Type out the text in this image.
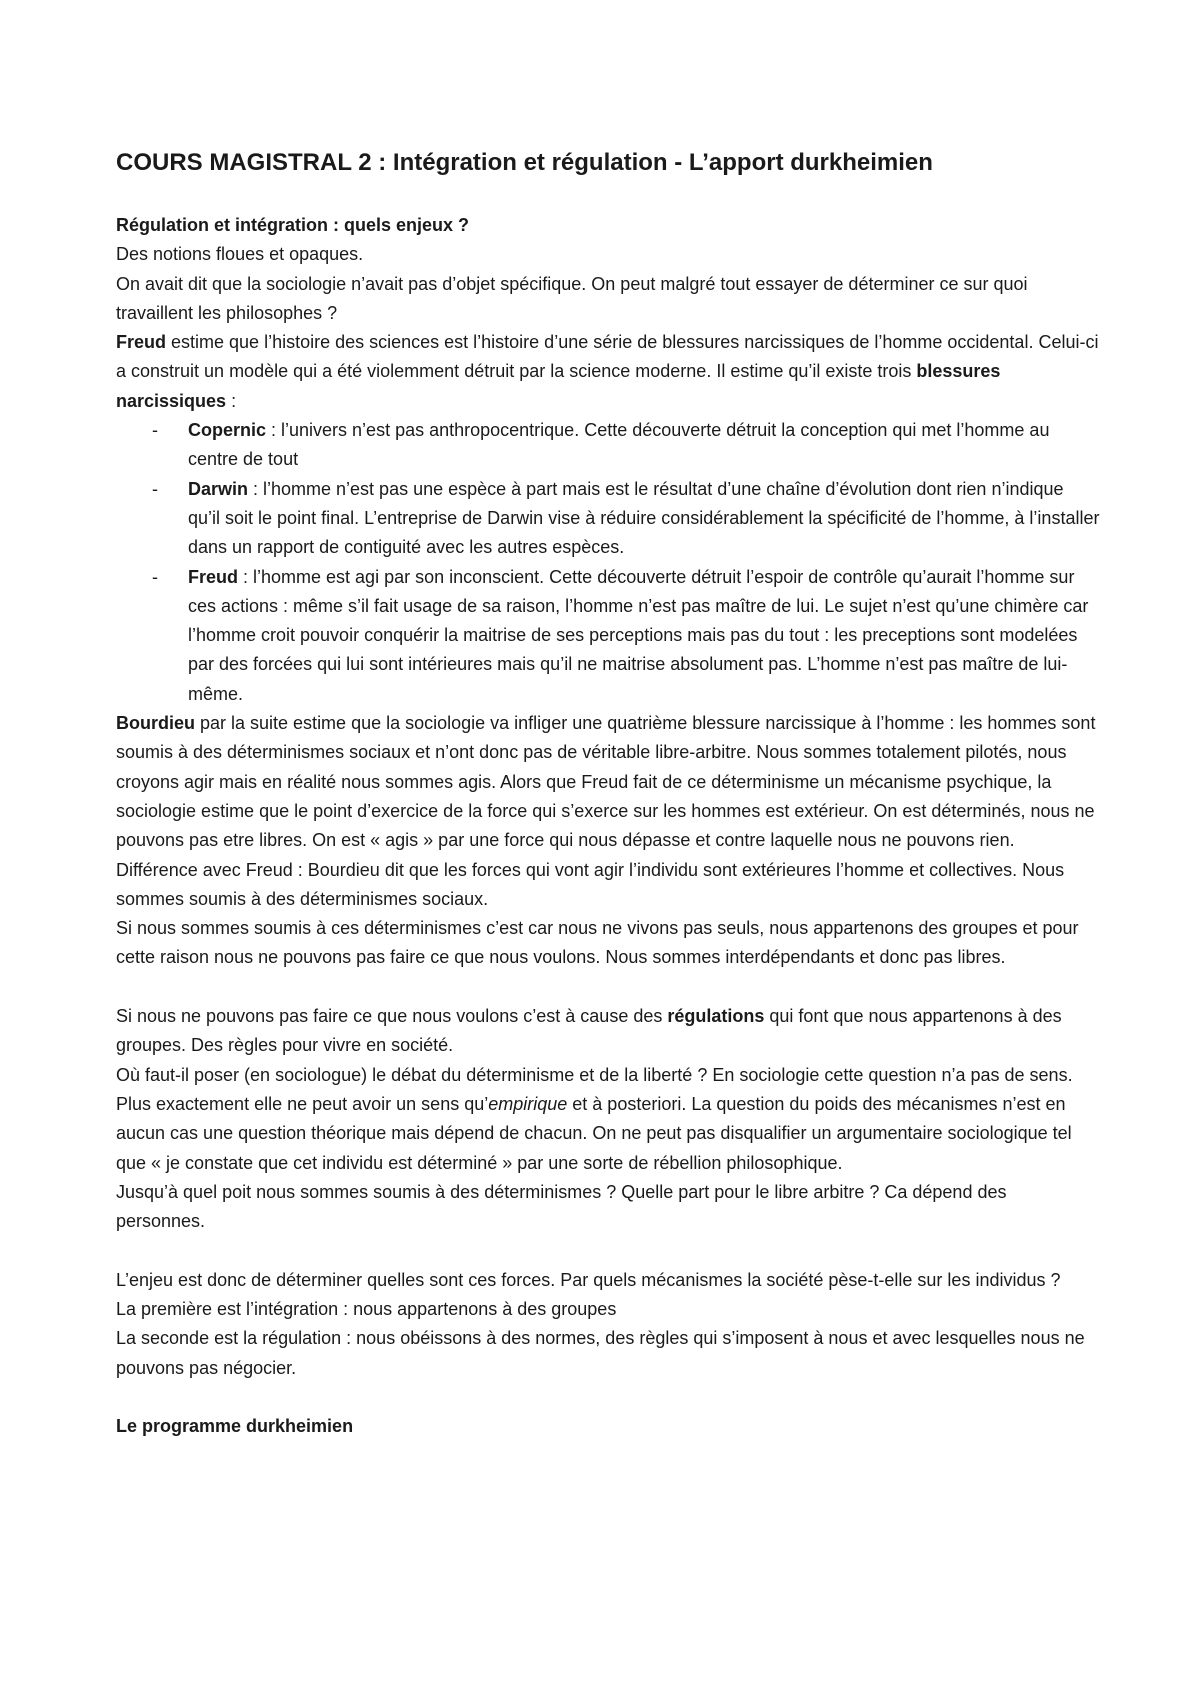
COURS MAGISTRAL 2 : Intégration et régulation - L’apport durkheimien

Régulation et intégration : quels enjeux ?

Des notions floues et opaques.

On avait dit que la sociologie n’avait pas d’objet spécifique. On peut malgré tout essayer de déterminer ce sur quoi travaillent les philosophes ?

Freud estime que l’histoire des sciences est l’histoire d’une série de blessures narcissiques de l’homme occidental. Celui-ci a construit un modèle qui a été violemment détruit par la science moderne. Il estime qu’il existe trois blessures narcissiques :

- Copernic : l’univers n’est pas anthropocentrique. Cette découverte détruit la conception qui met l’homme au centre de tout
- Darwin : l’homme n’est pas une espèce à part mais est le résultat d’une chaîne d’évolution dont rien n’indique qu’il soit le point final. L’entreprise de Darwin vise à réduire considérablement la spécificité de l’homme, à l’installer dans un rapport de contiguité avec les autres espèces.
- Freud : l’homme est agi par son inconscient. Cette découverte détruit l’espoir de contrôle qu’aurait l’homme sur ces actions : même s’il fait usage de sa raison, l’homme n’est pas maître de lui. Le sujet n’est qu’une chimère car l’homme croit pouvoir conquérir la maitrise de ses perceptions mais pas du tout : les preceptions sont modelées par des forcées qui lui sont intérieures mais qu’il ne maitrise absolument pas. L’homme n’est pas maître de lui-même.

Bourdieu par la suite estime que la sociologie va infliger une quatrième blessure narcissique à l’homme : les hommes sont soumis à des déterminismes sociaux et n’ont donc pas de véritable libre-arbitre. Nous sommes totalement pilotés, nous croyons agir mais en réalité nous sommes agis. Alors que Freud fait de ce déterminisme un mécanisme psychique, la sociologie estime que le point d’exercice de la force qui s’exerce sur les hommes est extérieur. On est déterminés, nous ne pouvons pas etre libres. On est « agis » par une force qui nous dépasse et contre laquelle nous ne pouvons rien.

Différence avec Freud : Bourdieu dit que les forces qui vont agir l’individu sont extérieures l’homme et collectives. Nous sommes soumis à des déterminismes sociaux.

Si nous sommes soumis à ces déterminismes c’est car nous ne vivons pas seuls, nous appartenons des groupes et pour cette raison nous ne pouvons pas faire ce que nous voulons. Nous sommes interdépendants et donc pas libres.

Si nous ne pouvons pas faire ce que nous voulons c’est à cause des régulations qui font que nous appartenons à des groupes. Des règles pour vivre en société.

Où faut-il poser (en sociologue) le débat du déterminisme et de la liberté ? En sociologie cette question n’a pas de sens. Plus exactement elle ne peut avoir un sens qu’empirique et à posteriori. La question du poids des mécanismes n’est en aucun cas une question théorique mais dépend de chacun. On ne peut pas disqualifier un argumentaire sociologique tel que « je constate que cet individu est déterminé » par une sorte de rébellion philosophique.

Jusqu’à quel poit nous sommes soumis à des déterminismes ? Quelle part pour le libre arbitre ? Ca dépend des personnes.

L’enjeu est donc de déterminer quelles sont ces forces. Par quels mécanismes la société pèse-t-elle sur les individus ?

La première est l’intégration : nous appartenons à des groupes

La seconde est la régulation : nous obéissons à des normes, des règles qui s’imposent à nous et avec lesquelles nous ne pouvons pas négocier.

Le programme durkheimien
